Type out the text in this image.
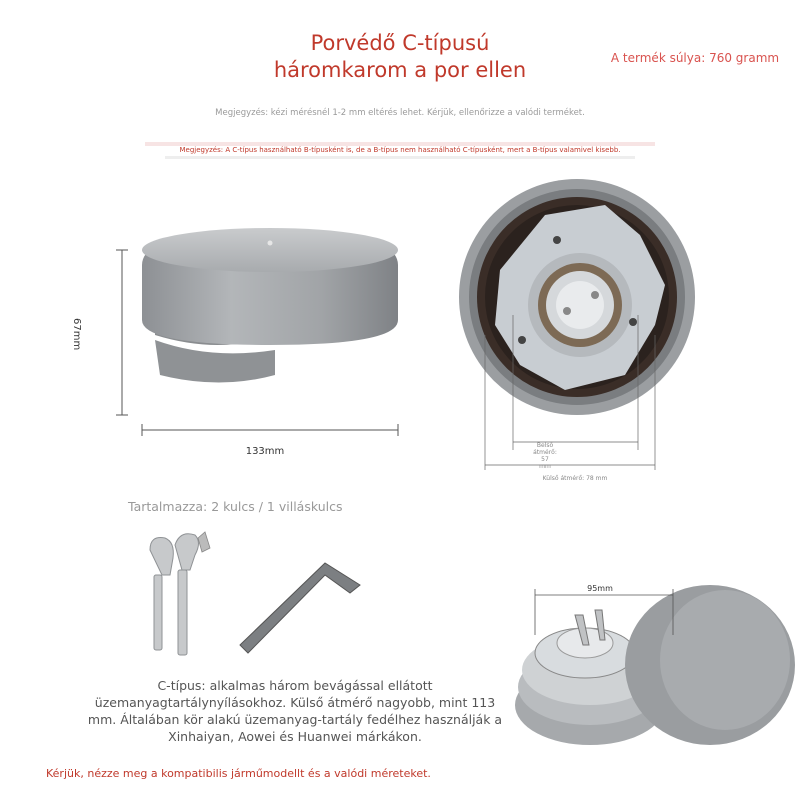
Porvédő C-típusú
háromkarom a por ellen	A termék súlya: 760 gramm
Megjegyzés: kézi mérésnél 1-2 mm eltérés lehet. Kérjük, ellenőrizze a valódi terméket.
Megjegyzés: A C-típus használható B-típusként is, de a B-típus nem használható C-típusként, mert a B-típus valamivel kisebb.
67mm
133mm
Belső
átmérő: 57
mm
Külső átmérő: 78 mm
Tartalmazza: 2 kulcs / 1 villáskulcs
95mm
C-típus: alkalmas három bevágással ellátott
üzemanyagtartálynyílásokhoz. Külső átmérő nagyobb, mint 113
mm. Általában kör alakú üzemanyag-tartály fedélhez használják a
Xinhaiyan, Aowei és Huanwei márkákon.
Kérjük, nézze meg a kompatibilis járműmodellt és a valódi méreteket.
